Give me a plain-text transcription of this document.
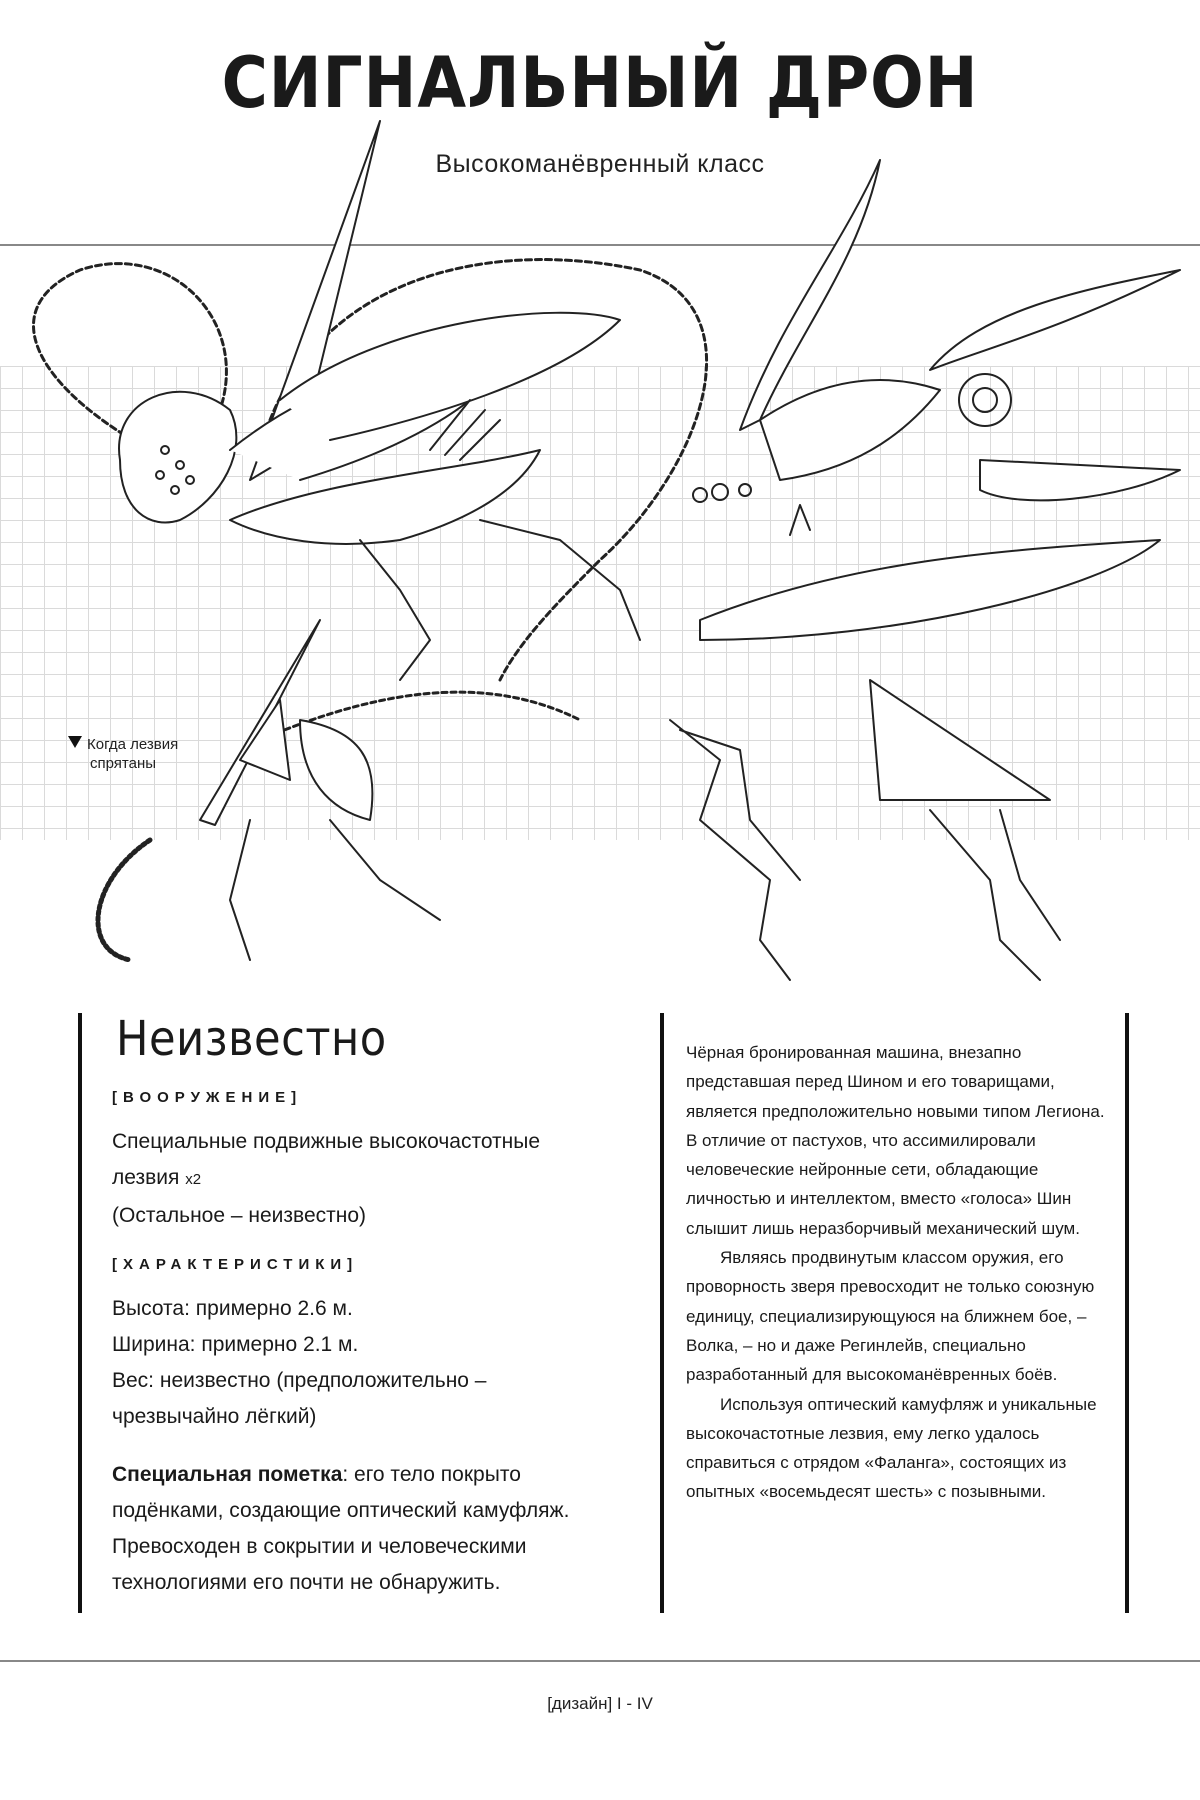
СИГНАЛЬНЫЙ ДРОН
Высокоманёвренный класс
Когда лезвия
спрятаны
Неизвестно
[ВООРУЖЕНИЕ]
Специальные подвижные высокочастотные
лезвия x2
(Остальное – неизвестно)
[ХАРАКТЕРИСТИКИ]
Высота: примерно 2.6 м.
Ширина: примерно 2.1 м.
Вес: неизвестно (предположительно –
чрезвычайно лёгкий)
Специальная пометка: его тело покрыто подёнками, создающие оптический камуфляж. Превосходен в сокрытии и человеческими технологиями его почти не обнаружить.

Чёрная бронированная машина, внезапно представшая перед Шином и его товарищами, является предположительно новыми типом Легиона. В отличие от пастухов, что ассимилировали человеческие нейронные сети, обладающие личностью и интеллектом, вместо «голоса» Шин слышит лишь неразборчивый механический шум.

Являясь продвинутым классом оружия, его проворность зверя превосходит не только союзную единицу, специализирующуюся на ближнем бое, – Волка, – но и даже Регинлейв, специально разработанный для высокоманёвренных боёв.

Используя оптический камуфляж и уникальные высокочастотные лезвия, ему легко удалось справиться с отрядом «Фаланга», состоящих из опытных «восемьдесят шесть» с позывными.

[дизайн] I - IV
